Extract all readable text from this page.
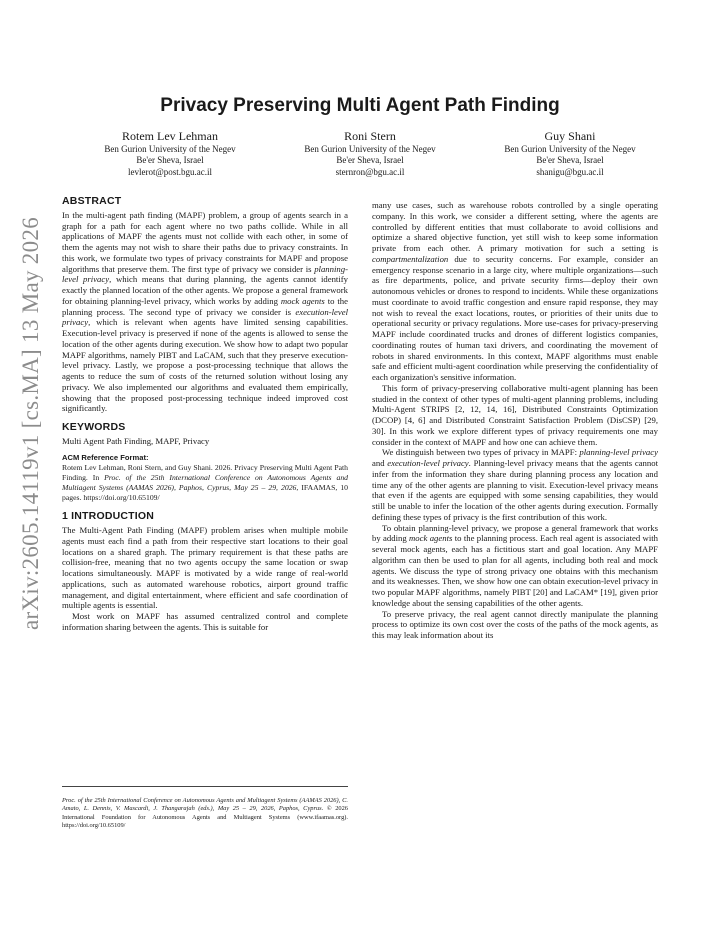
arXiv:2605.14119v1 [cs.MA] 13 May 2026
Privacy Preserving Multi Agent Path Finding
Rotem Lev Lehman
Ben Gurion University of the Negev
Be'er Sheva, Israel
levlerot@post.bgu.ac.il
Roni Stern
Ben Gurion University of the Negev
Be'er Sheva, Israel
sternron@bgu.ac.il
Guy Shani
Ben Gurion University of the Negev
Be'er Sheva, Israel
shanigu@bgu.ac.il
ABSTRACT

In the multi-agent path finding (MAPF) problem, a group of agents search in a graph for a path for each agent where no two paths collide. While in all applications of MAPF the agents must not collide with each other, in some of them the agents may not wish to share their paths due to privacy constraints. In this work, we formulate two types of privacy constraints for MAPF and propose algorithms that preserve them. The first type of privacy we consider is planning-level privacy, which means that during planning, the agents cannot identify exactly the planned location of the other agents. We propose a general framework for obtaining planning-level privacy, which works by adding mock agents to the planning process. The second type of privacy we consider is execution-level privacy, which is relevant when agents have limited sensing capabilities. Execution-level privacy is preserved if none of the agents is allowed to sense the location of the other agents during execution. We show how to adapt two popular MAPF algorithms, namely PIBT and LaCAM, such that they preserve execution-level privacy. Lastly, we propose a post-processing technique that allows the agents to reduce the sum of costs of the returned solution without losing any privacy. We also implemented our algorithms and evaluated them empirically, showing that the proposed post-processing technique indeed improved cost significantly.

KEYWORDS

Multi Agent Path Finding, MAPF, Privacy

ACM Reference Format:

Rotem Lev Lehman, Roni Stern, and Guy Shani. 2026. Privacy Preserving Multi Agent Path Finding. In Proc. of the 25th International Conference on Autonomous Agents and Multiagent Systems (AAMAS 2026), Paphos, Cyprus, May 25 – 29, 2026, IFAAMAS, 10 pages. https://doi.org/10.65109/

1 INTRODUCTION

The Multi-Agent Path Finding (MAPF) problem arises when multiple mobile agents must each find a path from their respective start locations to their goal locations on a shared graph. The primary requirement is that these paths are collision-free, meaning that no two agents occupy the same location or swap locations simultaneously. MAPF is motivated by a wide range of real-world applications, such as automated warehouse robotics, airport ground traffic management, and digital entertainment, where efficient and safe coordination of multiple agents is essential.

Most work on MAPF has assumed centralized control and complete information sharing between the agents. This is suitable for

Proc. of the 25th International Conference on Autonomous Agents and Multiagent Systems (AAMAS 2026), C. Amato, L. Dennis, V. Mascardi, J. Thangarajah (eds.), May 25 – 29, 2026, Paphos, Cyprus. © 2026 International Foundation for Autonomous Agents and Multiagent Systems (www.ifaamas.org). https://doi.org/10.65109/

many use cases, such as warehouse robots controlled by a single operating company. In this work, we consider a different setting, where the agents are controlled by different entities that must collaborate to avoid collisions and optimize a shared objective function, yet still wish to keep some information private from each other. A primary motivation for such a setting is compartmentalization due to security concerns. For example, consider an emergency response scenario in a large city, where multiple organizations—such as fire departments, police, and private security firms—deploy their own autonomous vehicles or drones to respond to incidents. While these organizations must coordinate to avoid traffic congestion and ensure rapid response, they may not wish to reveal the exact locations, routes, or priorities of their units due to operational security or privacy regulations. More use-cases for privacy-preserving MAPF include coordinated trucks and drones of different logistics companies, coordinating routes of human taxi drivers, and coordinating the movement of robots in shared environments. In this context, MAPF algorithms must enable safe and efficient multi-agent coordination while preserving the confidentiality of each organization's sensitive information.

This form of privacy-preserving collaborative multi-agent planning has been studied in the context of other types of multi-agent planning problems, including Multi-Agent STRIPS [2, 12, 14, 16], Distributed Constraints Optimization (DCOP) [4, 6] and Distributed Constraint Satisfaction Problem (DisCSP) [29, 30]. In this work we explore different types of privacy requirements one may consider in the context of MAPF and how one can achieve them.

We distinguish between two types of privacy in MAPF: planning-level privacy and execution-level privacy. Planning-level privacy means that the agents cannot infer from the information they share during planning process any location and time any of the other agents are planning to visit. Execution-level privacy means that even if the agents are equipped with some sensing capabilities, they would still be unable to infer the location of the other agents during execution. Formally defining these types of privacy is the first contribution of this work.

To obtain planning-level privacy, we propose a general framework that works by adding mock agents to the planning process. Each real agent is associated with several mock agents, each has a fictitious start and goal location. Any MAPF algorithm can then be used to plan for all agents, including both real and mock agents. We discuss the type of strong privacy one obtains with this mechanism and its weaknesses. Then, we show how one can obtain execution-level privacy in two popular MAPF algorithms, namely PIBT [20] and LaCAM* [19], given prior knowledge about the sensing capabilities of the other agents.

To preserve privacy, the real agent cannot directly manipulate the planning process to optimize its own cost over the costs of the paths of the mock agents, as this may leak information about its
